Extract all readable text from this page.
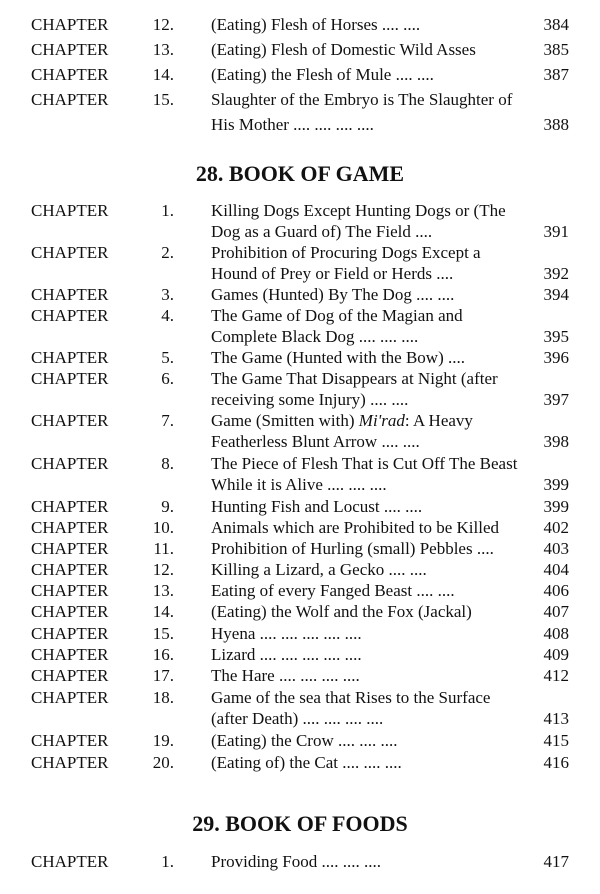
CHAPTER	12. (Eating) Flesh of Horses .... ....	384
CHAPTER	13. (Eating) Flesh of Domestic Wild Asses	385
CHAPTER	14. (Eating) the Flesh of Mule .... ....	387
CHAPTER	15. Slaughter of the Embryo is The Slaughter of
His Mother .... .... .... ....	388
28. BOOK OF GAME
CHAPTER	1. Killing Dogs Except Hunting Dogs or (The
Dog as a Guard of) The Field ....	391
CHAPTER	2. Prohibition of Procuring Dogs Except a
Hound of Prey or Field or Herds ....	392
CHAPTER	3. Games (Hunted) By The Dog .... ....	394
CHAPTER	4. The Game of Dog of the Magian and
Complete Black Dog .... .... ....	395
CHAPTER	5. The Game (Hunted with the Bow) ....	396
CHAPTER	6. The Game That Disappears at Night (after
receiving some Injury) .... ....	397
CHAPTER	7. Game (Smitten with) Mi'rad: A Heavy
Featherless Blunt Arrow .... ....	398
CHAPTER	8. The Piece of Flesh That is Cut Off The Beast
While it is Alive .... .... ....	399
CHAPTER	9. Hunting Fish and Locust .... ....	399
CHAPTER	10. Animals which are Prohibited to be Killed	402
CHAPTER	11. Prohibition of Hurling (small) Pebbles ....	403
CHAPTER	12. Killing a Lizard, a Gecko .... ....	404
CHAPTER	13. Eating of every Fanged Beast .... ....	406
CHAPTER	14. (Eating) the Wolf and the Fox (Jackal)	407
CHAPTER	15. Hyena .... .... .... .... ....	408
CHAPTER	16. Lizard .... .... .... .... ....	409
CHAPTER	17. The Hare .... .... .... ....	412
CHAPTER	18. Game of the sea that Rises to the Surface
(after Death) .... .... .... ....	413
CHAPTER	19. (Eating) the Crow .... .... ....	415
CHAPTER	20. (Eating of) the Cat .... .... ....	416
29. BOOK OF FOODS
CHAPTER	1. Providing Food .... .... ....	417
